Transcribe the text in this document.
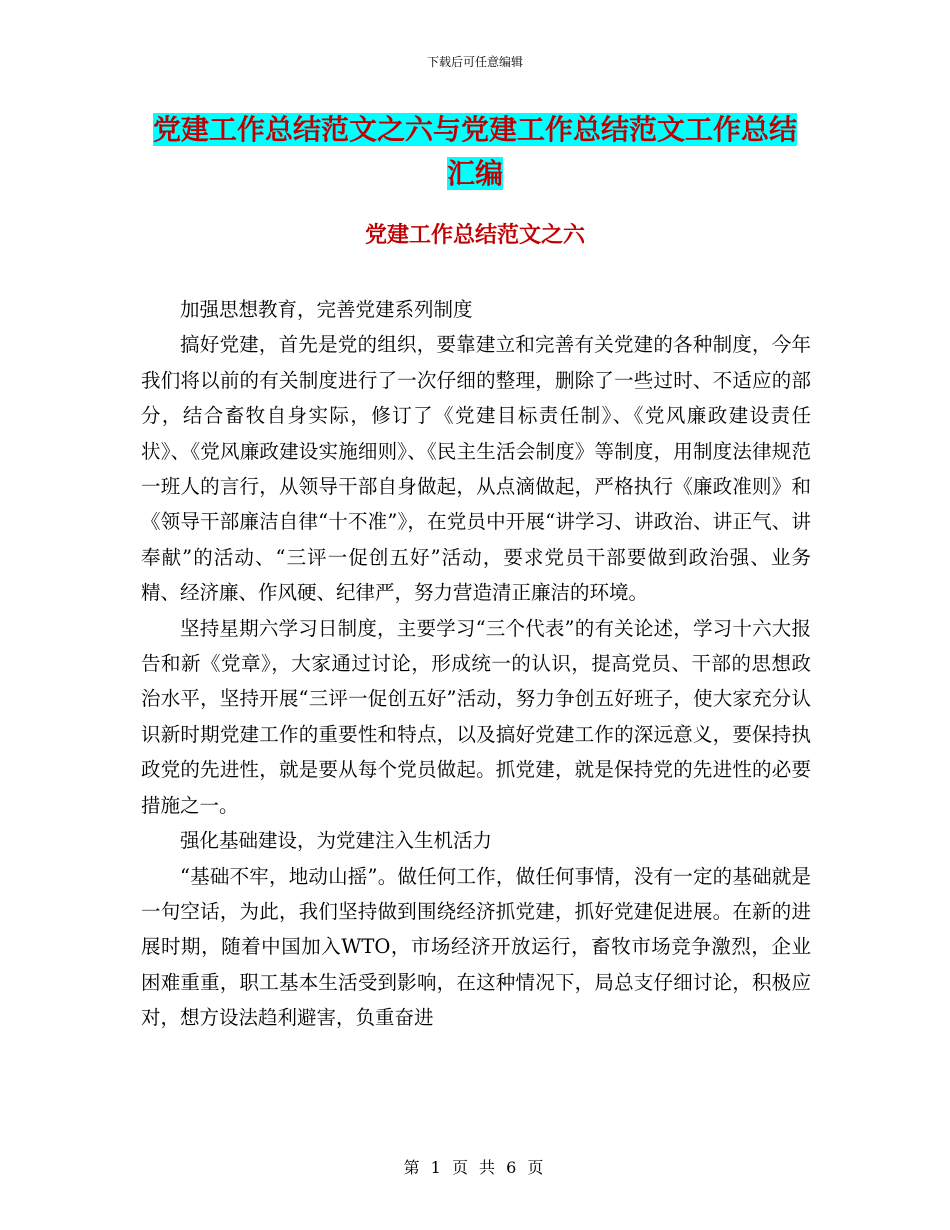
下载后可任意编辑
党建工作总结范文之六与党建工作总结范文工作总结
汇编
党建工作总结范文之六

加强思想教育，完善党建系列制度

搞好党建，首先是党的组织，要靠建立和完善有关党建的各种制度，今年我们将以前的有关制度进行了一次仔细的整理，删除了一些过时、不适应的部分，结合畜牧自身实际，修订了《党建目标责任制》、《党风廉政建设责任状》、《党风廉政建设实施细则》、《民主生活会制度》等制度，用制度法律规范一班人的言行，从领导干部自身做起，从点滴做起，严格执行《廉政准则》和《领导干部廉洁自律“十不准”》，在党员中开展“讲学习、讲政治、讲正气、讲奉献”的活动、“三评一促创五好”活动，要求党员干部要做到政治强、业务精、经济廉、作风硬、纪律严，努力营造清正廉洁的环境。

坚持星期六学习日制度，主要学习“三个代表”的有关论述，学习十六大报告和新《党章》，大家通过讨论，形成统一的认识，提高党员、干部的思想政治水平，坚持开展“三评一促创五好”活动，努力争创五好班子，使大家充分认识新时期党建工作的重要性和特点，以及搞好党建工作的深远意义，要保持执政党的先进性，就是要从每个党员做起。抓党建，就是保持党的先进性的必要措施之一。

强化基础建设，为党建注入生机活力

“基础不牢，地动山摇”。做任何工作，做任何事情，没有一定的基础就是一句空话，为此，我们坚持做到围绕经济抓党建，抓好党建促进展。在新的进展时期，随着中国加入WTO，市场经济开放运行，畜牧市场竞争激烈，企业困难重重，职工基本生活受到影响，在这种情况下，局总支仔细讨论，积极应对，想方设法趋利避害，负重奋进

第 1 页 共 6 页
